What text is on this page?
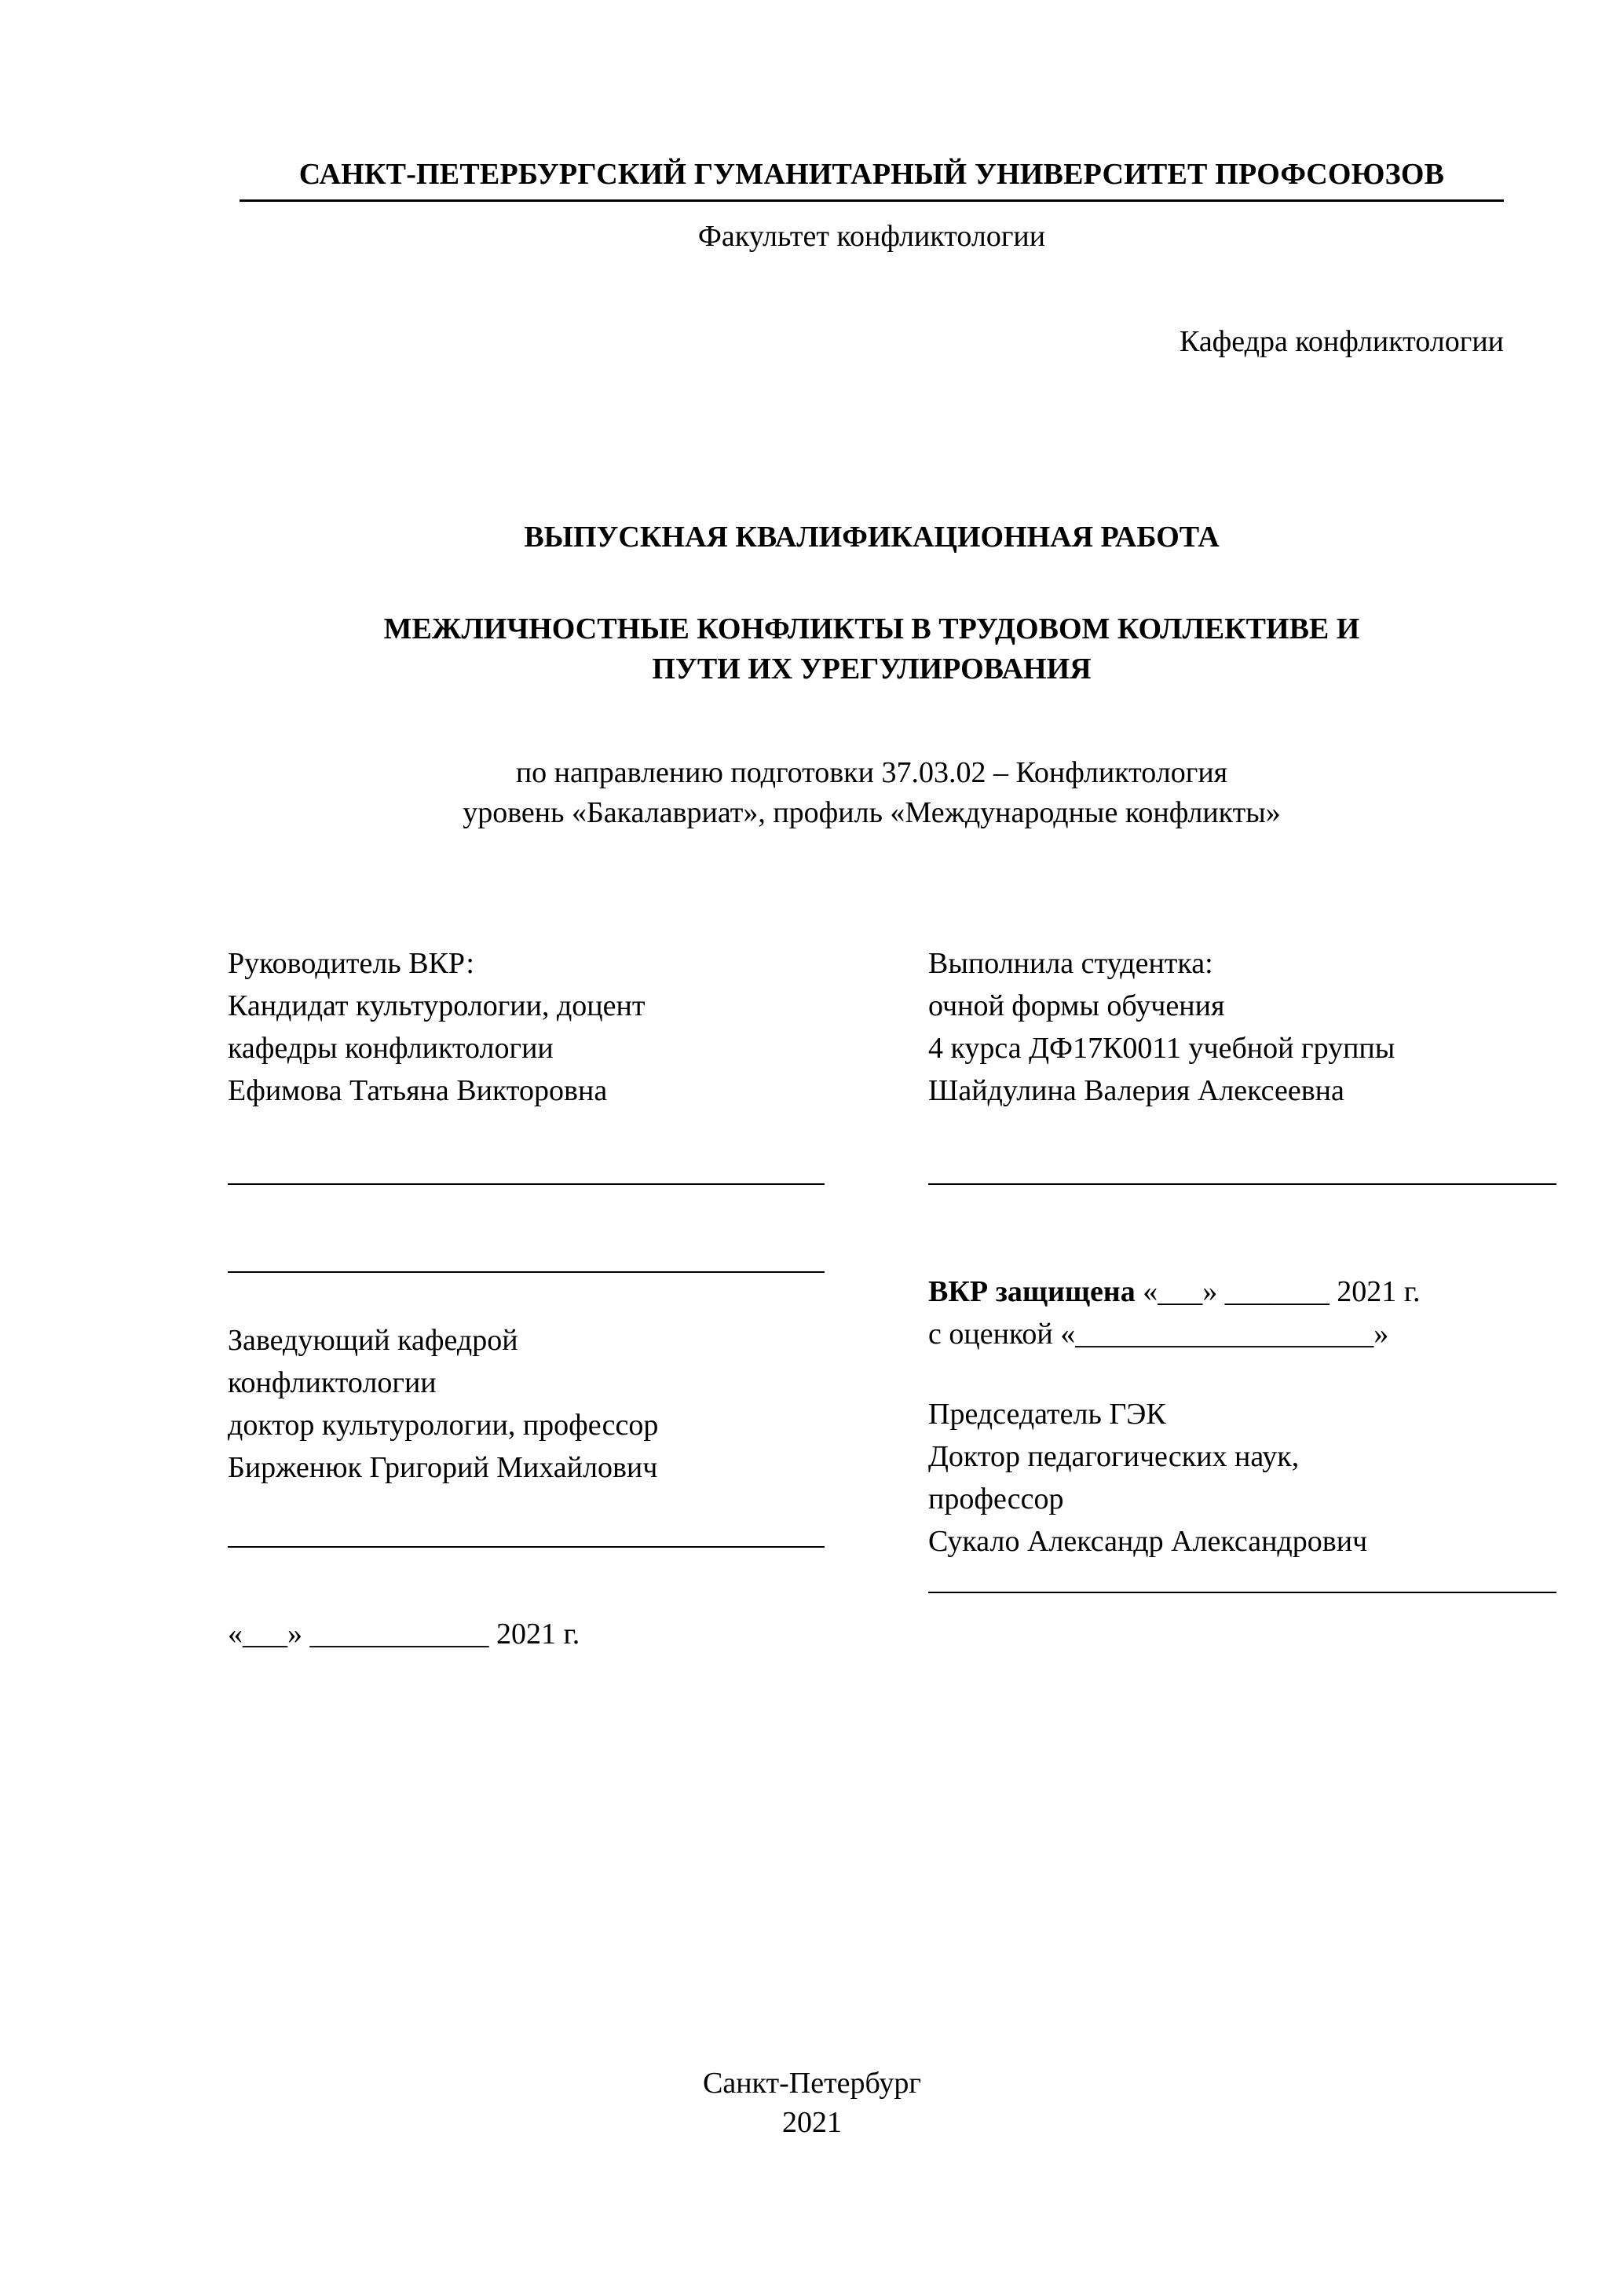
САНКТ-ПЕТЕРБУРГСКИЙ ГУМАНИТАРНЫЙ УНИВЕРСИТЕТ ПРОФСОЮЗОВ
Факультет конфликтологии
Кафедра конфликтологии
ВЫПУСКНАЯ КВАЛИФИКАЦИОННАЯ РАБОТА
МЕЖЛИЧНОСТНЫЕ КОНФЛИКТЫ В ТРУДОВОМ КОЛЛЕКТИВЕ И
ПУТИ ИХ УРЕГУЛИРОВАНИЯ
по направлению подготовки 37.03.02 – Конфликтология
уровень «Бакалавриат», профиль «Международные конфликты»
Руководитель ВКР:
Кандидат культурологии, доцент
кафедры конфликтологии
Ефимова Татьяна Викторовна
Заведующий кафедрой
конфликтологии
доктор культурологии, профессор
Бирженюк Григорий Михайлович
«___» ____________ 2021 г.
Выполнила студентка:
очной формы обучения
4 курса ДФ17К0011 учебной группы
Шайдулина Валерия Алексеевна
ВКР защищена «___» _______ 2021 г.
с оценкой «____________________»
Председатель ГЭК
Доктор педагогических наук,
профессор
Сукало Александр Александрович
Санкт-Петербург
2021
